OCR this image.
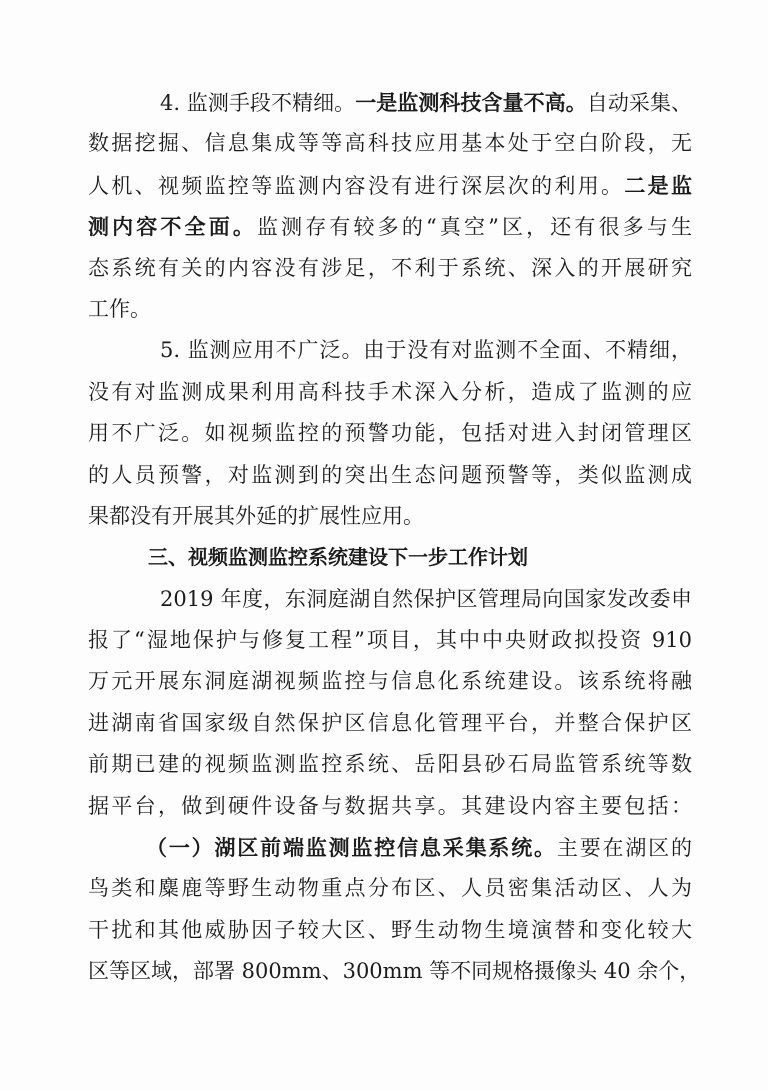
4. 监测手段不精细。一是监测科技含量不高。自动采集、
数据挖掘、信息集成等等高科技应用基本处于空白阶段，无
人机、视频监控等监测内容没有进行深层次的利用。二是监
测内容不全面。监测存有较多的“真空”区，还有很多与生
态系统有关的内容没有涉足，不利于系统、深入的开展研究
工作。
5. 监测应用不广泛。由于没有对监测不全面、不精细，
没有对监测成果利用高科技手术深入分析，造成了监测的应
用不广泛。如视频监控的预警功能，包括对进入封闭管理区
的人员预警，对监测到的突出生态问题预警等，类似监测成
果都没有开展其外延的扩展性应用。
三、视频监测监控系统建设下一步工作计划
2019 年度，东洞庭湖自然保护区管理局向国家发改委申
报了“湿地保护与修复工程”项目，其中中央财政拟投资 910
万元开展东洞庭湖视频监控与信息化系统建设。该系统将融
进湖南省国家级自然保护区信息化管理平台，并整合保护区
前期已建的视频监测监控系统、岳阳县砂石局监管系统等数
据平台，做到硬件设备与数据共享。其建设内容主要包括：
（一）湖区前端监测监控信息采集系统。主要在湖区的
鸟类和麋鹿等野生动物重点分布区、人员密集活动区、人为
干扰和其他威胁因子较大区、野生动物生境演替和变化较大
区等区域，部署 800mm、300mm 等不同规格摄像头 40 余个，
